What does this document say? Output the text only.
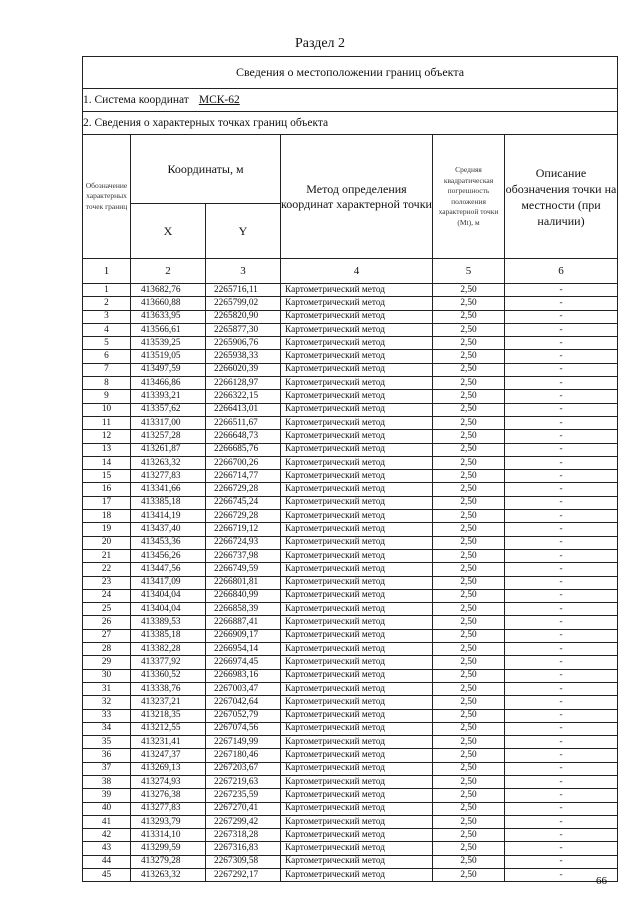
Раздел 2
Сведения о местоположении границ объекта					
1. Система координат МСК-62					
2. Сведения о характерных точках границ объекта					
Обозначение характерных точек границ	Координаты, м		Метод определения координат характерной точки	Средняя квадратическая погрешность положения характерной точки (Mt), м	Описание обозначения точки на местности (при наличии)
	X	Y			
1	2	3	4	5	6
1	413682,76	2265716,11	Картометрический метод	2,50	-
2	413660,88	2265799,02	Картометрический метод	2,50	-
3	413633,95	2265820,90	Картометрический метод	2,50	-
4	413566,61	2265877,30	Картометрический метод	2,50	-
5	413539,25	2265906,76	Картометрический метод	2,50	-
6	413519,05	2265938,33	Картометрический метод	2,50	-
7	413497,59	2266020,39	Картометрический метод	2,50	-
8	413466,86	2266128,97	Картометрический метод	2,50	-
9	413393,21	2266322,15	Картометрический метод	2,50	-
10	413357,62	2266413,01	Картометрический метод	2,50	-
11	413317,00	2266511,67	Картометрический метод	2,50	-
12	413257,28	2266648,73	Картометрический метод	2,50	-
13	413261,87	2266685,76	Картометрический метод	2,50	-
14	413263,32	2266700,26	Картометрический метод	2,50	-
15	413277,83	2266714,77	Картометрический метод	2,50	-
16	413341,66	2266729,28	Картометрический метод	2,50	-
17	413385,18	2266745,24	Картометрический метод	2,50	-
18	413414,19	2266729,28	Картометрический метод	2,50	-
19	413437,40	2266719,12	Картометрический метод	2,50	-
20	413453,36	2266724,93	Картометрический метод	2,50	-
21	413456,26	2266737,98	Картометрический метод	2,50	-
22	413447,56	2266749,59	Картометрический метод	2,50	-
23	413417,09	2266801,81	Картометрический метод	2,50	-
24	413404,04	2266840,99	Картометрический метод	2,50	-
25	413404,04	2266858,39	Картометрический метод	2,50	-
26	413389,53	2266887,41	Картометрический метод	2,50	-
27	413385,18	2266909,17	Картометрический метод	2,50	-
28	413382,28	2266954,14	Картометрический метод	2,50	-
29	413377,92	2266974,45	Картометрический метод	2,50	-
30	413360,52	2266983,16	Картометрический метод	2,50	-
31	413338,76	2267003,47	Картометрический метод	2,50	-
32	413237,21	2267042,64	Картометрический метод	2,50	-
33	413218,35	2267052,79	Картометрический метод	2,50	-
34	413212,55	2267074,56	Картометрический метод	2,50	-
35	413231,41	2267149,99	Картометрический метод	2,50	-
36	413247,37	2267180,46	Картометрический метод	2,50	-
37	413269,13	2267203,67	Картометрический метод	2,50	-
38	413274,93	2267219,63	Картометрический метод	2,50	-
39	413276,38	2267235,59	Картометрический метод	2,50	-
40	413277,83	2267270,41	Картометрический метод	2,50	-
41	413293,79	2267299,42	Картометрический метод	2,50	-
42	413314,10	2267318,28	Картометрический метод	2,50	-
43	413299,59	2267316,83	Картометрический метод	2,50	-
44	413279,28	2267309,58	Картометрический метод	2,50	-
45	413263,32	2267292,17	Картометрический метод	2,50	-
66
